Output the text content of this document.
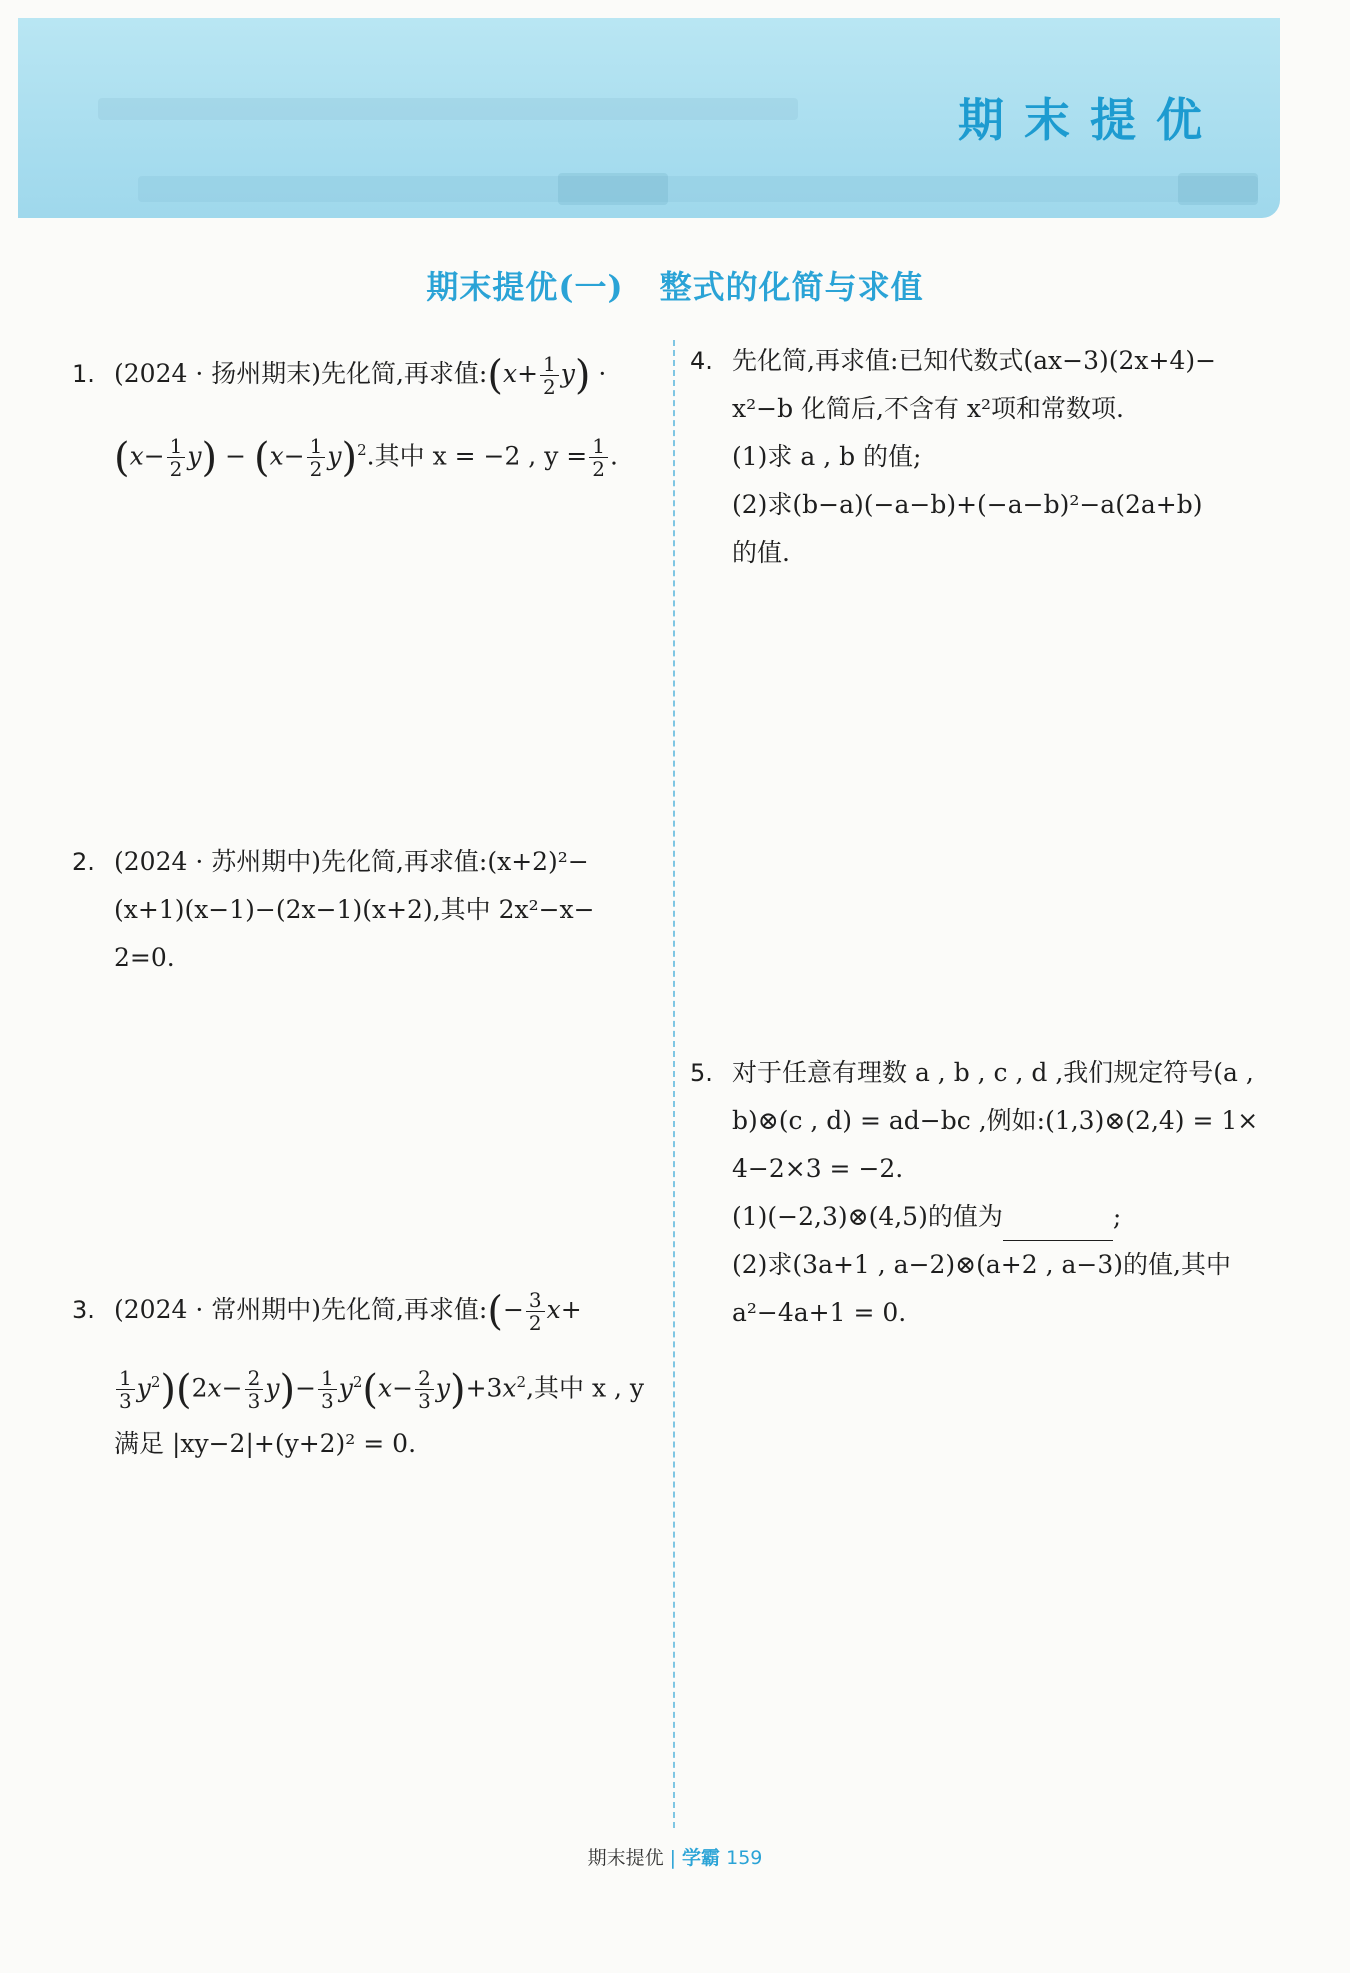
期末提优
期末提优(一) 整式的化简与求值
1. (2024 · 扬州期末)先化简,再求值:(x+ $\frac{1}{2} y$) ·
$(x- \frac{1}{2} y) - (x- \frac{1}{2} y)^2$.其中 x = −2 , $y = \frac{1}{2}$ .
2. (2024 · 苏州期中)先化简,再求值:(x+2)²−
(x+1)(x−1)−(2x−1)(x+2),其中 2x²−x−
2=0.
3. (2024 · 常州期中)先化简,再求值:(− $\frac{3}{2} x+$
$\frac{1}{3} y^2)(2x- \frac{2}{3} y)- \frac{1}{3} y^2(x- \frac{2}{3} y)+3x^2$,其中 x , y
满足 |xy−2|+(y+2)² = 0.
4. 先化简,再求值:已知代数式(ax−3)(2x+4)−
x²−b 化简后,不含有 x²项和常数项.
(1)求 a , b 的值;
(2)求(b−a)(−a−b)+(−a−b)²−a(2a+b)
的值.
5. 对于任意有理数 a , b , c , d ,我们规定符号(a ,
b)⊗(c , d) = ad−bc ,例如:(1,3)⊗(2,4) = 1×
4−2×3 = −2.
(1)(−2,3)⊗(4,5)的值为	;
(2)求(3a+1 , a−2)⊗(a+2 , a−3)的值,其中
a²−4a+1 = 0.
期末提优 | 学霸 159
